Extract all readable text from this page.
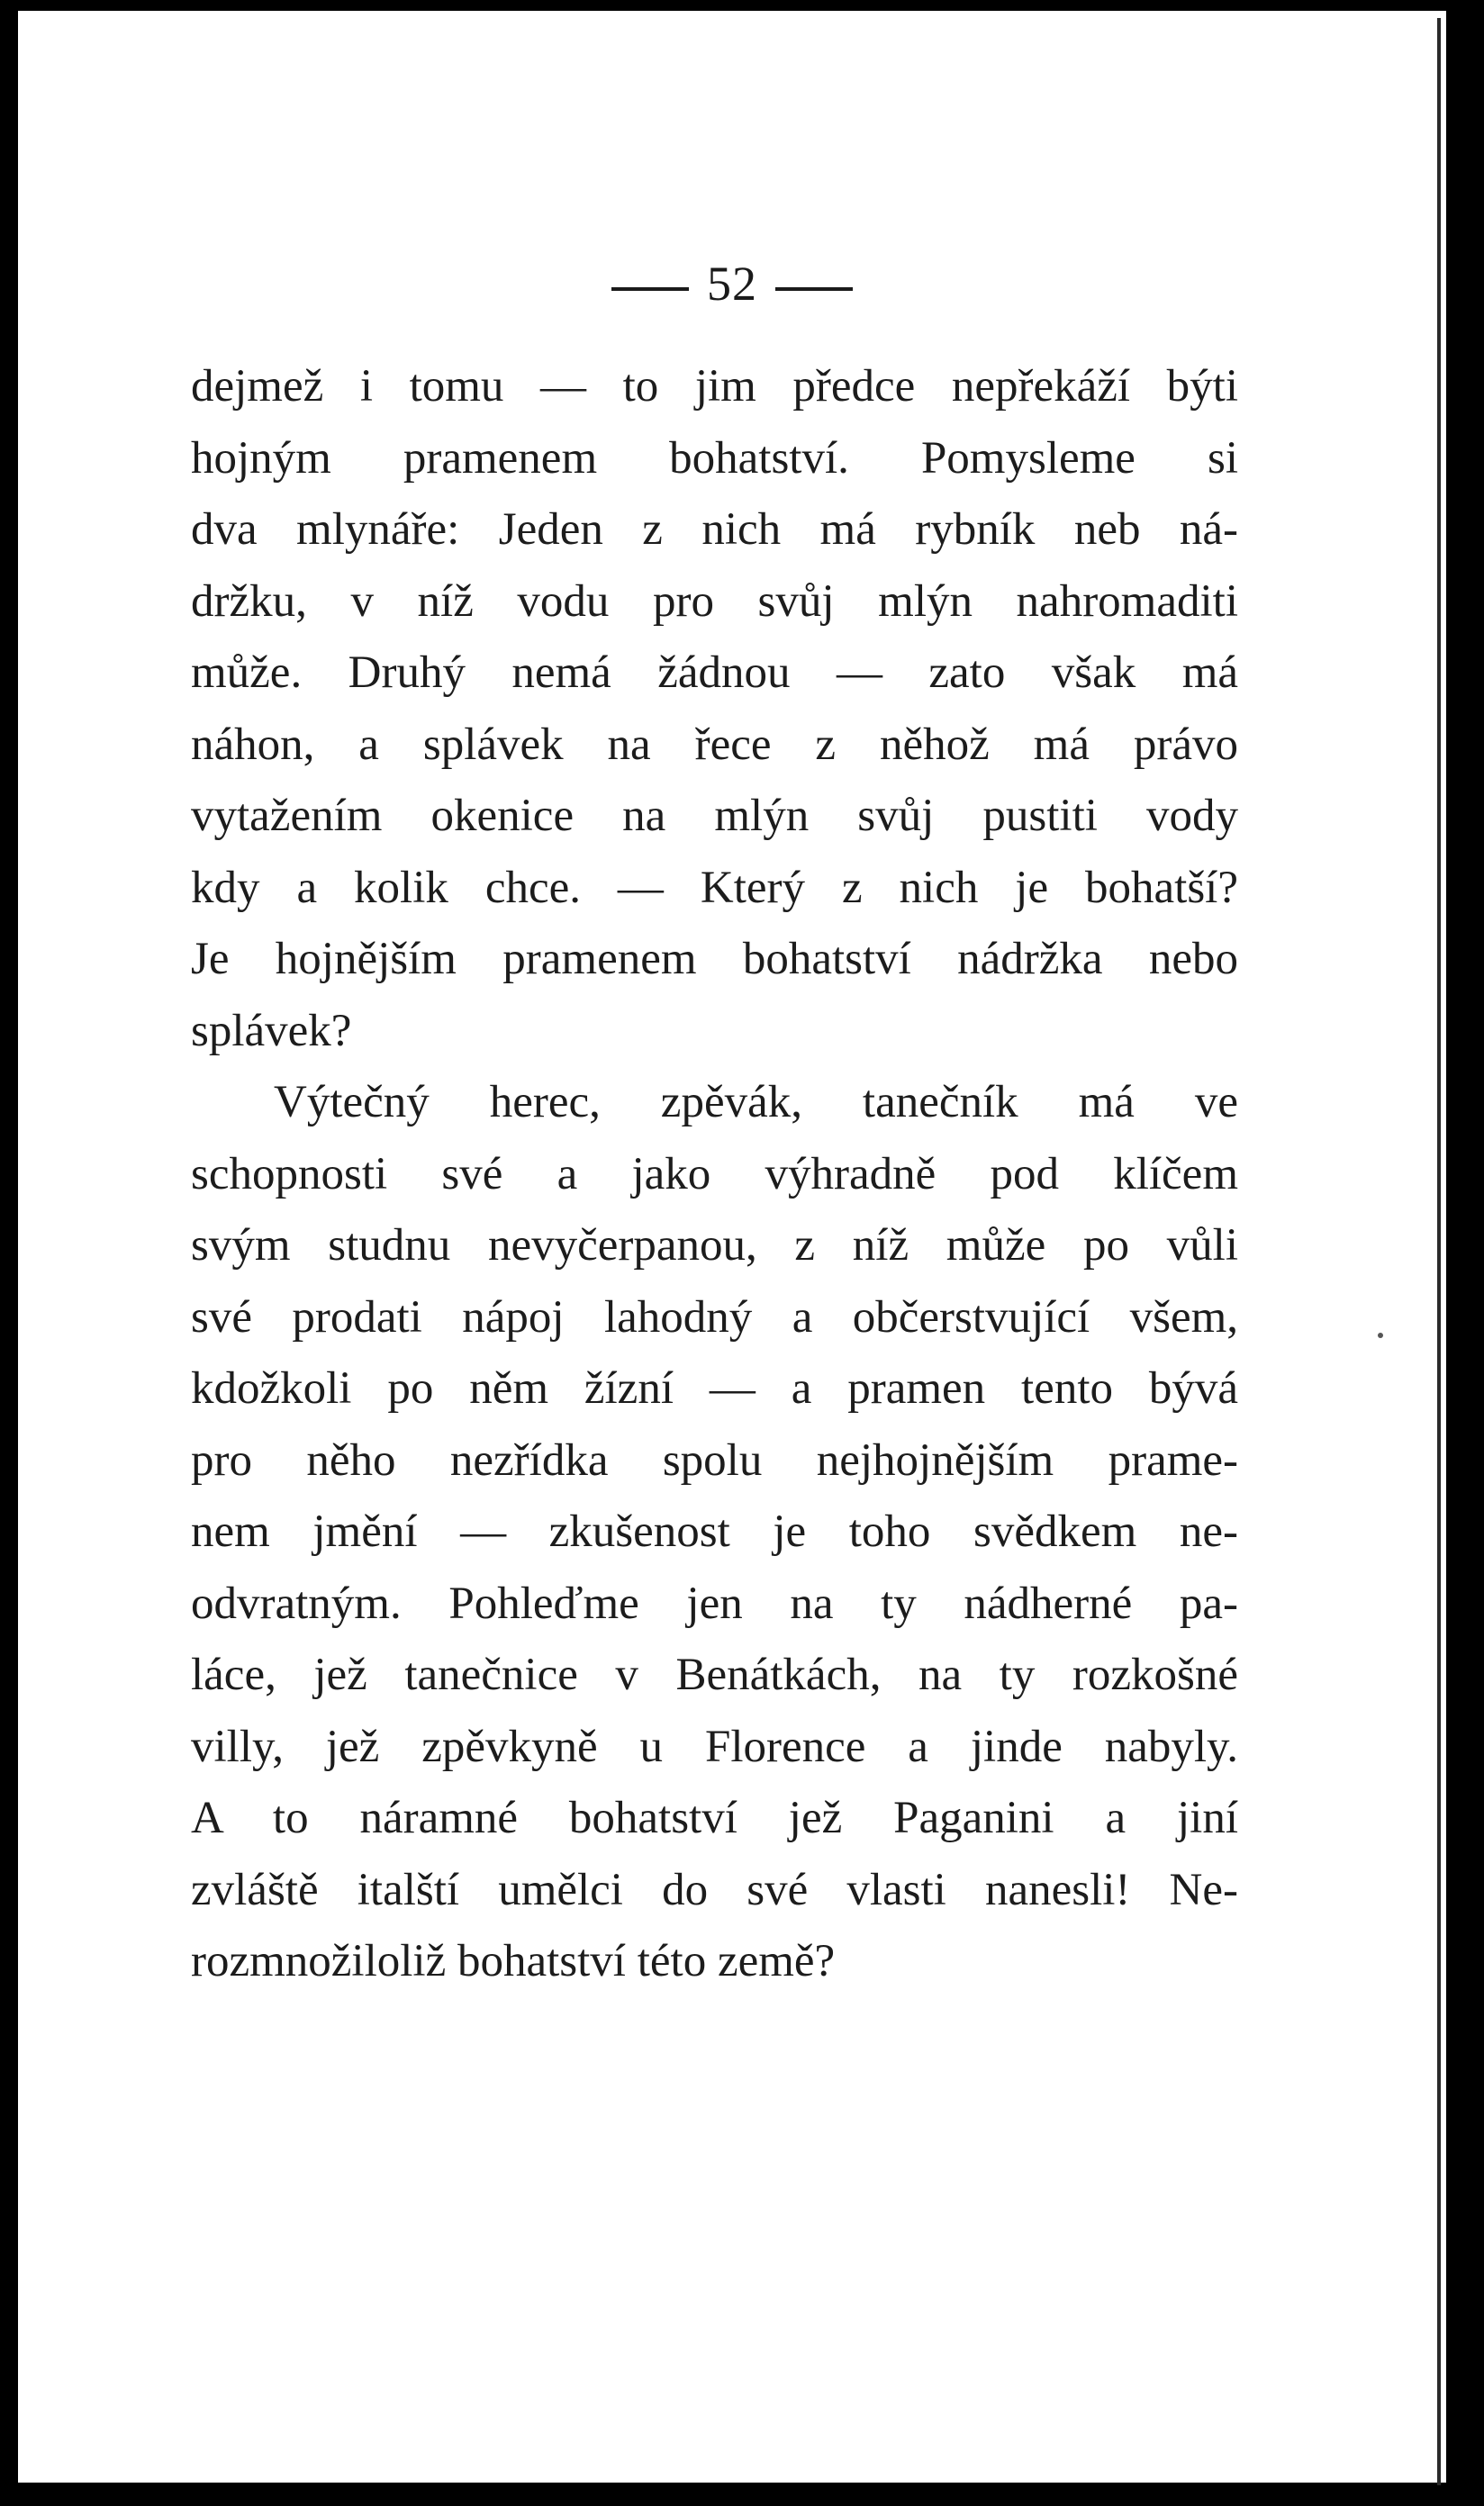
52
dejmež i tomu — to jim předce nepřekáží býti
hojným pramenem bohatství. Pomysleme si
dva mlynáře: Jeden z nich má rybník neb ná-
držku, v níž vodu pro svůj mlýn nahromaditi
může. Druhý nemá žádnou — zato však má
náhon, a splávek na řece z něhož má právo
vytažením okenice na mlýn svůj pustiti vody
kdy a kolik chce. — Který z nich je bohatší?
Je hojnějším pramenem bohatství nádržka nebo
splávek?
Výtečný herec, zpěvák, tanečník má ve
schopnosti své a jako výhradně pod klíčem
svým studnu nevyčerpanou, z níž může po vůli
své prodati nápoj lahodný a občerstvující všem,
kdožkoli po něm žízní — a pramen tento bývá
pro něho nezřídka spolu nejhojnějším prame-
nem jmění — zkušenost je toho svědkem ne-
odvratným. Pohleďme jen na ty nádherné pa-
láce, jež tanečnice v Benátkách, na ty rozkošné
villy, jež zpěvkyně u Florence a jinde nabyly.
A to náramné bohatství jež Paganini a jiní
zvláště italští umělci do své vlasti nanesli! Ne-
rozmnožiloliž bohatství této země?
